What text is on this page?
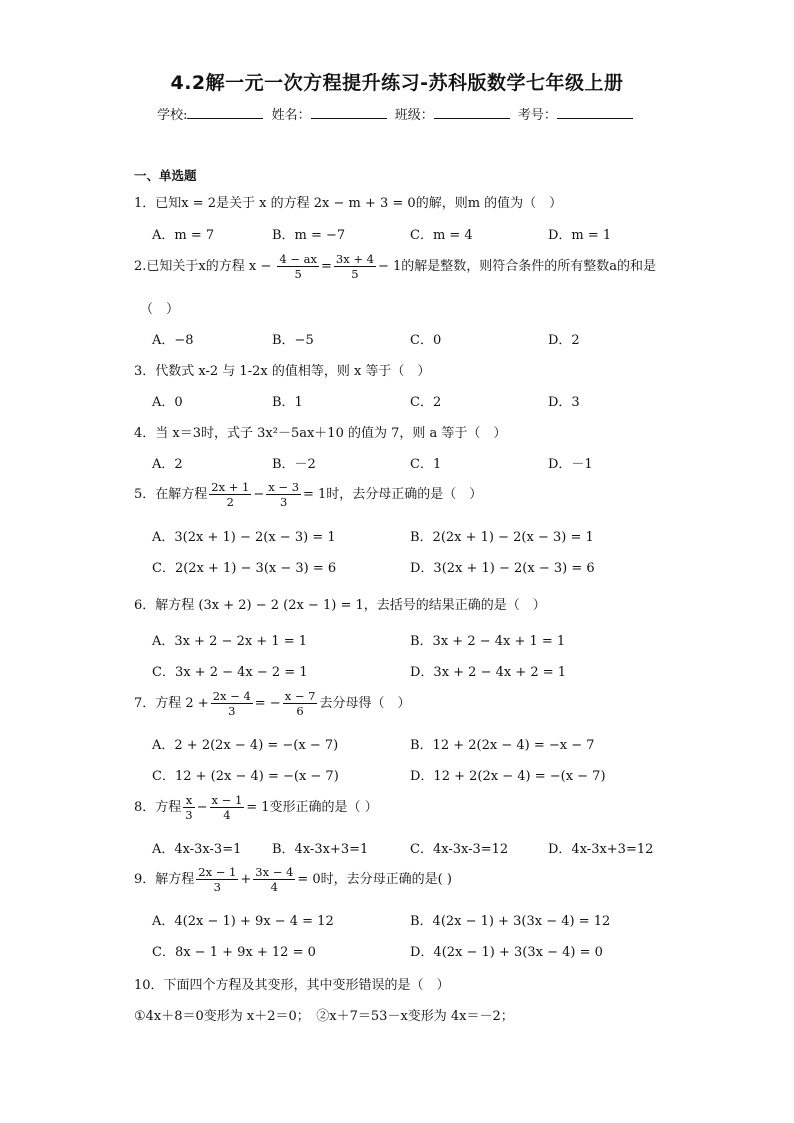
4.2解一元一次方程提升练习-苏科版数学七年级上册
学校:	姓名：	班级：	考号：
一、单选题
1．已知x = 2是关于 x 的方程 2x − m + 3 = 0的解，则m 的值为（　）
A．m = 7	B．m = −7	C．m = 4	D．m = 1
2.已知关于x的方程 $x - \frac{4 - ax}{5} = \frac{3x + 4}{5} - 1$的解是整数，则符合条件的所有整数a的和是
（　）
A．−8	B．−5	C．0	D．2
3．代数式 x-2 与 1-2x 的值相等，则 x 等于（　）
A．0	B．1	C．2	D．3
4．当 x＝3时，式子 3x²－5ax＋10 的值为 7，则 a 等于（　）
A．2	B．－2	C．1	D．－1
5．在解方程 $\frac{2x + 1}{2} - \frac{x - 3}{3} = 1$时，去分母正确的是（　）
A．3(2x + 1) − 2(x − 3) = 1	B．2(2x + 1) − 2(x − 3) = 1
C．2(2x + 1) − 3(x − 3) = 6	D．3(2x + 1) − 2(x − 3) = 6
6．解方程 (3x + 2) − 2 (2x − 1) = 1，去括号的结果正确的是（　）
A．3x + 2 − 2x + 1 = 1	B．3x + 2 − 4x + 1 = 1
C．3x + 2 − 4x − 2 = 1	D．3x + 2 − 4x + 2 = 1
7．方程 $2 + \frac{2x - 4}{3}$ = − $\frac{x - 7}{6}$ 去分母得（　）
A．2 + 2(2x − 4) = −(x − 7)	B．12 + 2(2x − 4) = −x − 7
C．12 + (2x − 4) = −(x − 7)	D．12 + 2(2x − 4) = −(x − 7)
8．方程 $\frac{x}{3} - \frac{x - 1}{4} = 1$变形正确的是（ ）
A．4x-3x-3=1 B．4x-3x+3=1	C．4x-3x-3=12	D．4x-3x+3=12
9．解方程 $\frac{2x - 1}{3} + \frac{3x - 4}{4} = 0$时，去分母正确的是( )
A．4(2x − 1) + 9x − 4 = 12	B．4(2x − 1) + 3(3x − 4) = 12
C．8x − 1 + 9x + 12 = 0	D．4(2x − 1) + 3(3x − 4) = 0
10．下面四个方程及其变形，其中变形错误的是（　）
①4x＋8＝0变形为 x＋2＝0；　②x＋7＝53－x变形为 4x＝－2；
